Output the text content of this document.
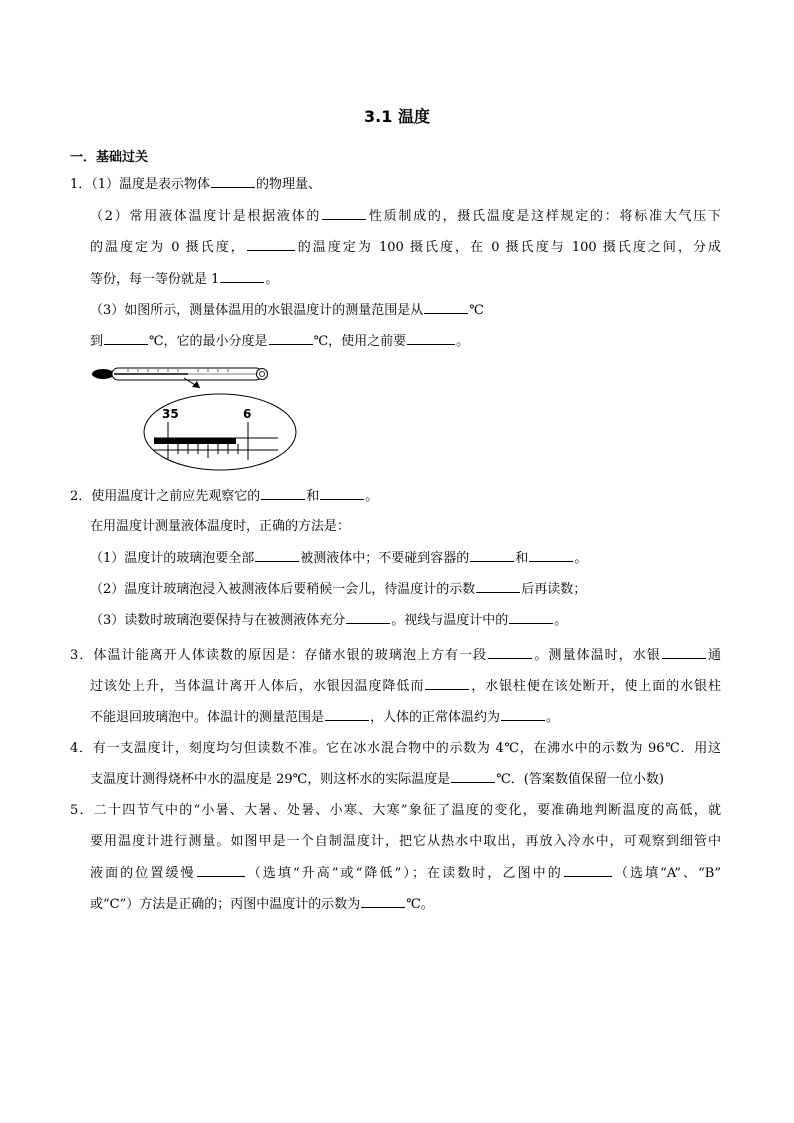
3.1 温度
一．基础过关
1．（1）温度是表示物体	的物理量、
（2）常用液体温度计是根据液体的	性质制成的，摄氏温度是这样规定的：将标准大气压下
的温度定为 0 摄氏度，	的温度定为 100 摄氏度，在 0 摄氏度与 100 摄氏度之间，分成
等份，每一等份就是 1	。
（3）如图所示，测量体温用的水银温度计的测量范围是从	℃
到	℃，它的最小分度是	℃，使用之前要	。
35	6
2．使用温度计之前应先观察它的	和	。
在用温度计测量液体温度时，正确的方法是：
（1）温度计的玻璃泡要全部	被测液体中；不要碰到容器的	和	。
（2）温度计玻璃泡浸入被测液体后要稍候一会儿，待温度计的示数	后再读数；
（3）读数时玻璃泡要保持与在被测液体充分	。视线与温度计中的	。
3．体温计能离开人体读数的原因是：存储水银的玻璃泡上方有一段	。测量体温时，水银	通
过该处上升，当体温计离开人体后，水银因温度降低而	，水银柱便在该处断开，使上面的水银柱
不能退回玻璃泡中。体温计的测量范围是	，人体的正常体温约为	。
4．有一支温度计，刻度均匀但读数不准。它在冰水混合物中的示数为 4℃，在沸水中的示数为 96℃．用这
支温度计测得烧杯中水的温度是 29℃，则这杯水的实际温度是	℃．(答案数值保留一位小数)
5．二十四节气中的“小暑、大暑、处暑、小寒、大寒”象征了温度的变化，要准确地判断温度的高低，就
要用温度计进行测量。如图甲是一个自制温度计，把它从热水中取出，再放入冷水中，可观察到细管中
液面的位置缓慢	（选填“升高”或“降低”）；在读数时，乙图中的	（选填“A”、“B”
或“C”）方法是正确的；丙图中温度计的示数为	℃。
